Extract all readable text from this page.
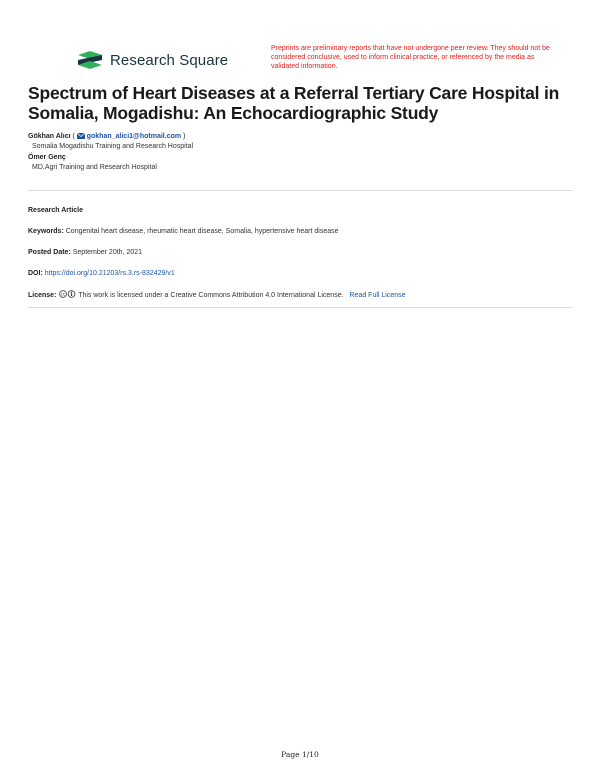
Research Square
Preprints are preliminary reports that have not undergone peer review. They should not be considered conclusive, used to inform clinical practice, or referenced by the media as validated information.
Spectrum of Heart Diseases at a Referral Tertiary Care Hospital in Somalia, Mogadishu: An Echocardiographic Study
Gökhan Alıcı ( gokhan_alici1@hotmail.com )
Somalia Mogadishu Training and Research Hospital
Ömer Genç
MD,Agri Training and Research Hospital
Research Article
Keywords: Congenital heart disease, rheumatic heart disease, Somalia, hypertensive heart disease
Posted Date: September 20th, 2021
DOI: https://doi.org/10.21203/rs.3.rs-832429/v1
License: cc This work is licensed under a Creative Commons Attribution 4.0 International License. Read Full License
Page 1/10
